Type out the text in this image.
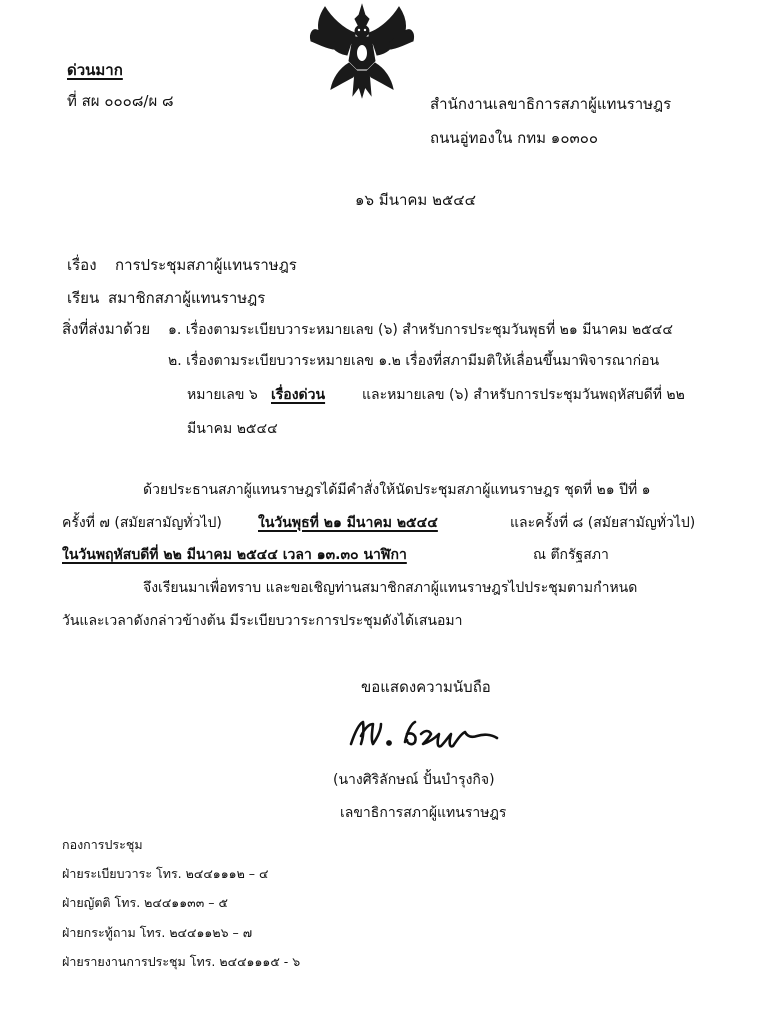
ด่วนมาก
ที่ สผ ๐๐๐๘/ผ ๘	สำนักงานเลขาธิการสภาผู้แทนราษฎร
ถนนอู่ทองใน กทม ๑๐๓๐๐
๑๖ มีนาคม ๒๕๔๔
เรื่อง การประชุมสภาผู้แทนราษฎร
เรียน สมาชิกสภาผู้แทนราษฎร
สิ่งที่ส่งมาด้วย ๑. เรื่องตามระเบียบวาระหมายเลข (๖) สำหรับการประชุมวันพุธที่ ๒๑ มีนาคม ๒๕๔๔
๒. เรื่องตามระเบียบวาระหมายเลข ๑.๒ เรื่องที่สภามีมติให้เลื่อนขึ้นมาพิจารณาก่อน
หมายเลข ๖ เรื่องด่วน	และหมายเลข (๖) สำหรับการประชุมวันพฤหัสบดีที่ ๒๒
มีนาคม ๒๕๔๔
ด้วยประธานสภาผู้แทนราษฎรได้มีคำสั่งให้นัดประชุมสภาผู้แทนราษฎร ชุดที่ ๒๑ ปีที่ ๑
ครั้งที่ ๗ (สมัยสามัญทั่วไป)	ในวันพุธที่ ๒๑ มีนาคม ๒๕๔๔	และครั้งที่ ๘ (สมัยสามัญทั่วไป)
ในวันพฤหัสบดีที่ ๒๒ มีนาคม ๒๕๔๔ เวลา ๑๓.๓๐ นาฬิกา	ณ ตึกรัฐสภา
จึงเรียนมาเพื่อทราบ และขอเชิญท่านสมาชิกสภาผู้แทนราษฎรไปประชุมตามกำหนด
วันและเวลาดังกล่าวข้างต้น มีระเบียบวาระการประชุมดังได้เสนอมา
ขอแสดงความนับถือ
(นางศิริลักษณ์ ปั้นบำรุงกิจ)
เลขาธิการสภาผู้แทนราษฎร
กองการประชุม
ฝ่ายระเบียบวาระ โทร. ๒๔๔๑๑๑๒ – ๔
ฝ่ายญัตติ โทร. ๒๔๔๑๑๓๓ – ๕
ฝ่ายกระทู้ถาม โทร. ๒๔๔๑๑๒๖ – ๗
ฝ่ายรายงานการประชุม โทร. ๒๔๔๑๑๑๕ - ๖
